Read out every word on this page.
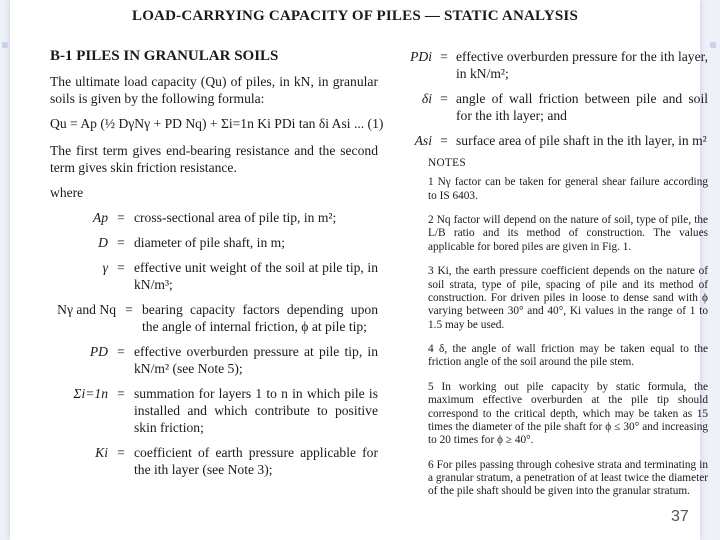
LOAD-CARRYING CAPACITY OF PILES — STATIC ANALYSIS
B-1 PILES IN GRANULAR SOILS

The ultimate load capacity (Qu) of piles, in kN, in granular soils is given by the following formula:

Qu = Ap (½ DγNγ + PD Nq) + Σi=1n Ki PDi tan δi Asi ... (1)

The first term gives end-bearing resistance and the second term gives skin friction resistance.

where
Ap = cross-sectional area of pile tip, in m²;
D = diameter of pile shaft, in m;
γ = effective unit weight of the soil at pile tip, in kN/m³;
Nγ and Nq = bearing capacity factors depending upon the angle of internal friction, ϕ at pile tip;
PD = effective overburden pressure at pile tip, in kN/m² (see Note 5);
Σi=1n = summation for layers 1 to n in which pile is installed and which contribute to positive skin friction;
Ki = coefficient of earth pressure applicable for the ith layer (see Note 3);
PDi = effective overburden pressure for the ith layer, in kN/m²;
δi = angle of wall friction between pile and soil for the ith layer; and
Asi = surface area of pile shaft in the ith layer, in m²
NOTES

1 Nγ factor can be taken for general shear failure according to IS 6403.

2 Nq factor will depend on the nature of soil, type of pile, the L/B ratio and its method of construction. The values applicable for bored piles are given in Fig. 1.

3 Ki, the earth pressure coefficient depends on the nature of soil strata, type of pile, spacing of pile and its method of construction. For driven piles in loose to dense sand with ϕ varying between 30° and 40°, Ki values in the range of 1 to 1.5 may be used.

4 δ, the angle of wall friction may be taken equal to the friction angle of the soil around the pile stem.

5 In working out pile capacity by static formula, the maximum effective overburden at the pile tip should correspond to the critical depth, which may be taken as 15 times the diameter of the pile shaft for ϕ ≤ 30° and increasing to 20 times for ϕ ≥ 40°.

6 For piles passing through cohesive strata and terminating in a granular stratum, a penetration of at least twice the diameter of the pile shaft should be given into the granular stratum.

37
